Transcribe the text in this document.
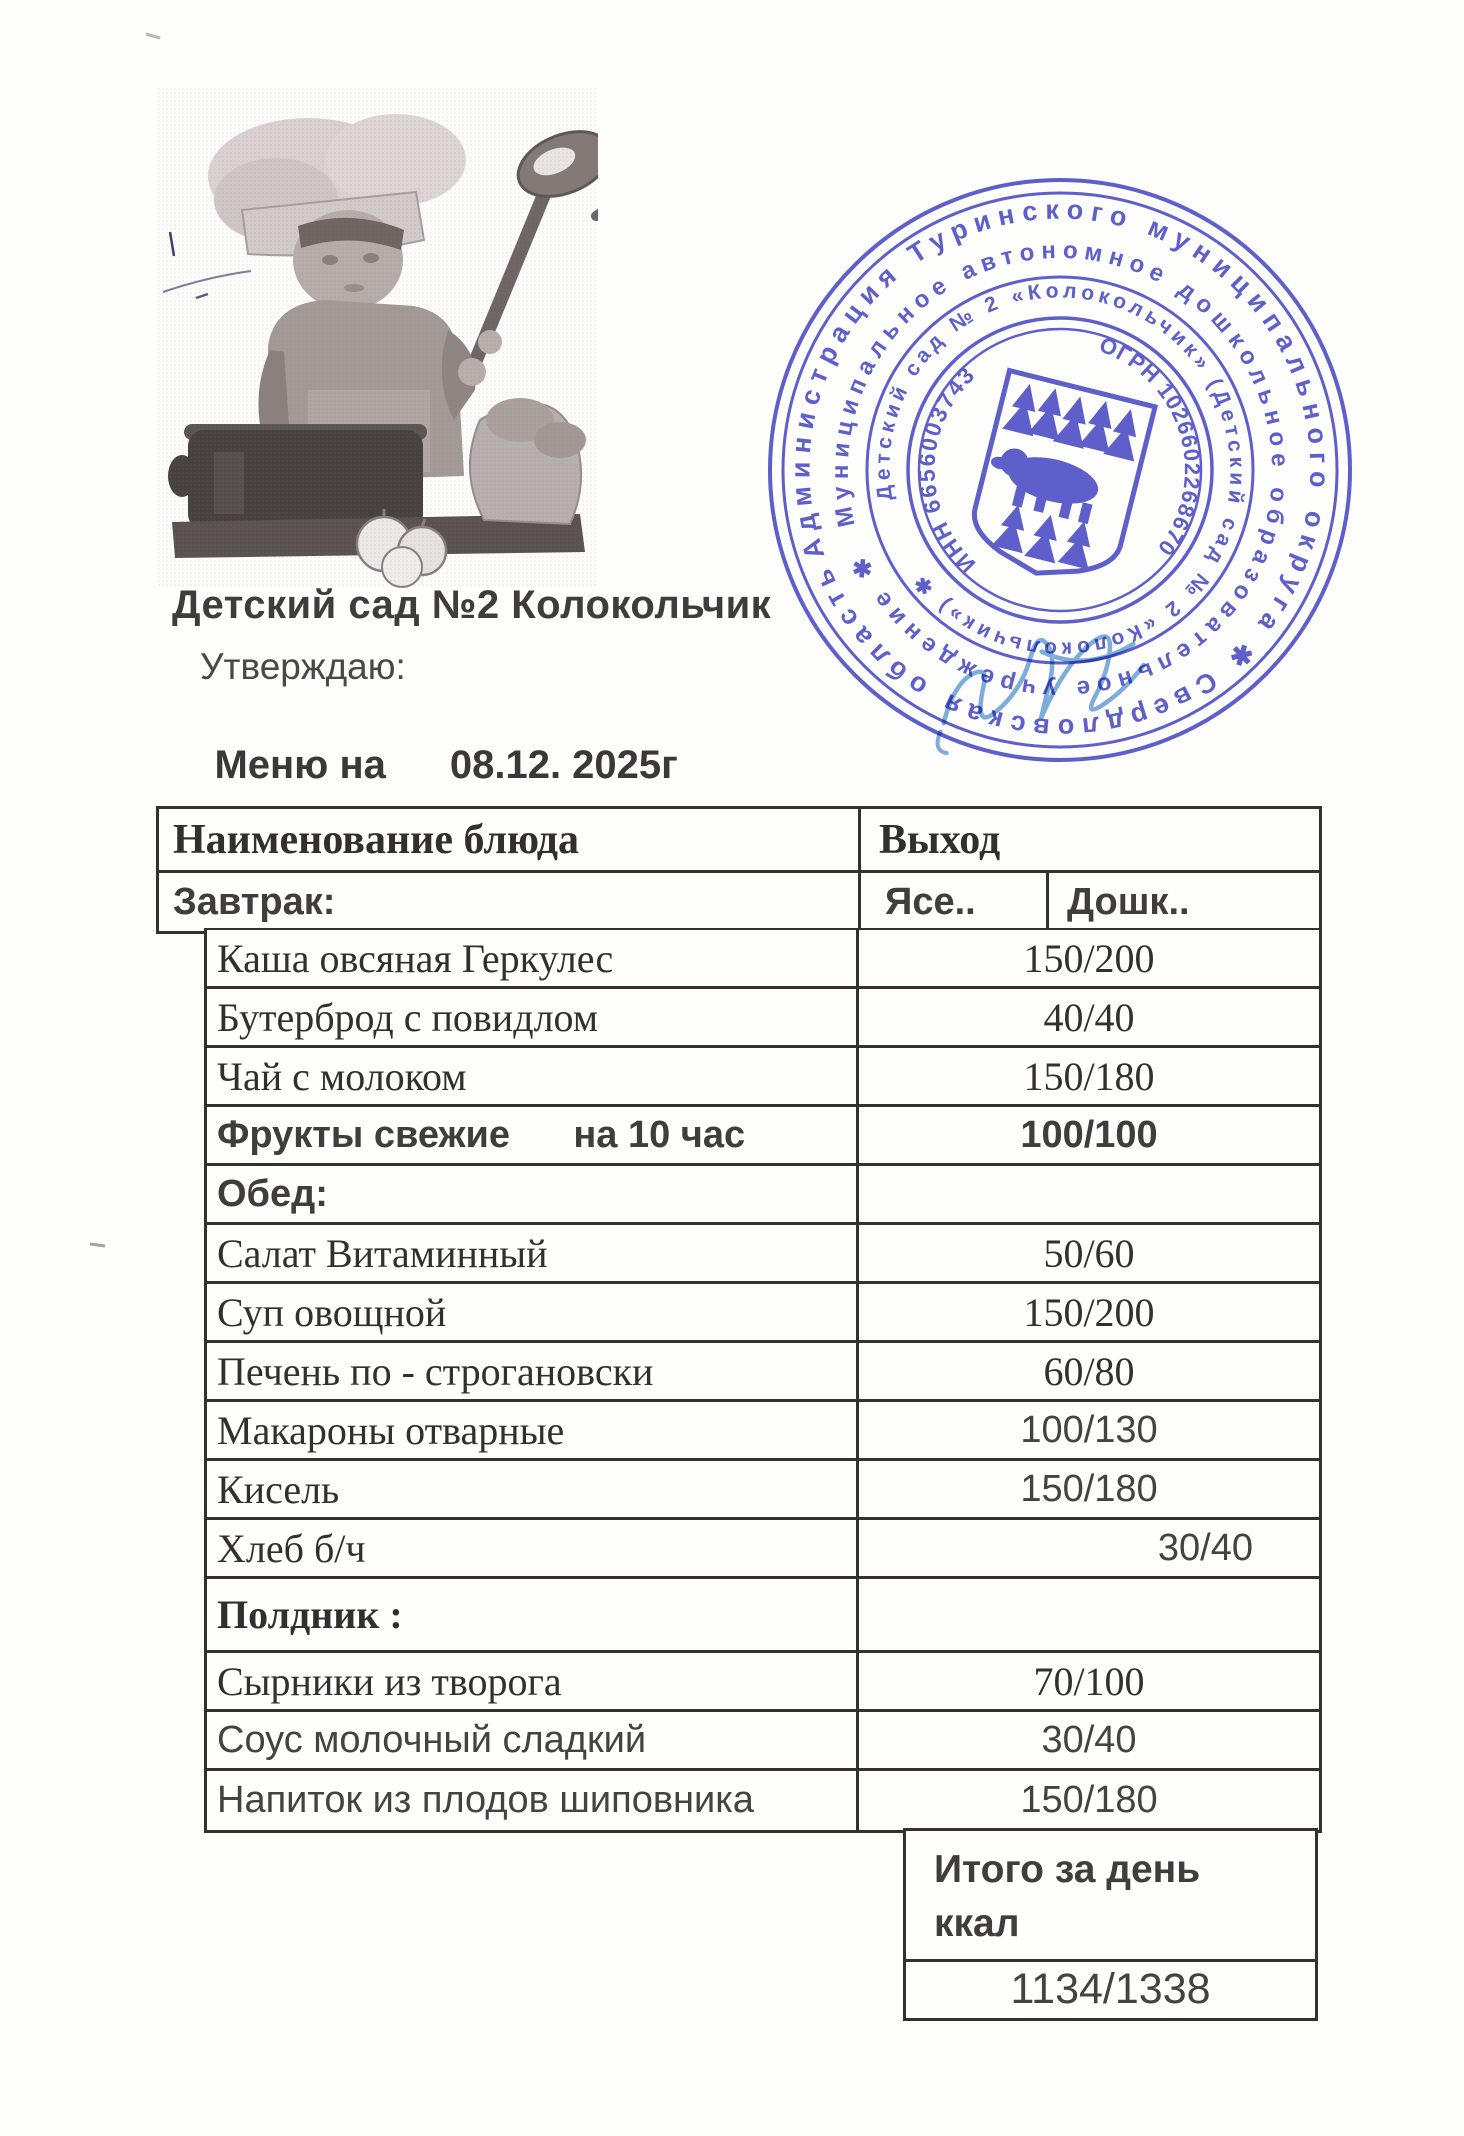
Детский сад №2 Колокольчик
Утверждаю:

Меню на 08.12. 2025г

Администрация Туринского муниципального округа ✱ Свердловская область
Муниципальное автономное дошкольное образовательное учреждение ✱
Детский сад № 2 «Колокольчик» (Детский сад № 2 «Колокольчик») ✱
ИНН 6656003743
ОГРН 1026602268670
Наименование блюда	Выход
Завтрак:	Ясе..	Дошк..
Каша овсяная Геркулес	150/200
Бутерброд с повидлом	40/40
Чай с молоком	150/180
Фрукты свежие      на 10 час	100/100
Обед:
Салат Витаминный	50/60
Суп овощной	150/200
Печень по - строгановски	60/80
Макароны отварные	100/130
Кисель	150/180
Хлеб б/ч	30/40
Полдник :
Сырники из творога	70/100
Соус молочный сладкий	30/40
Напиток из плодов шиповника	150/180
Итого за день
ккал
1134/1338
